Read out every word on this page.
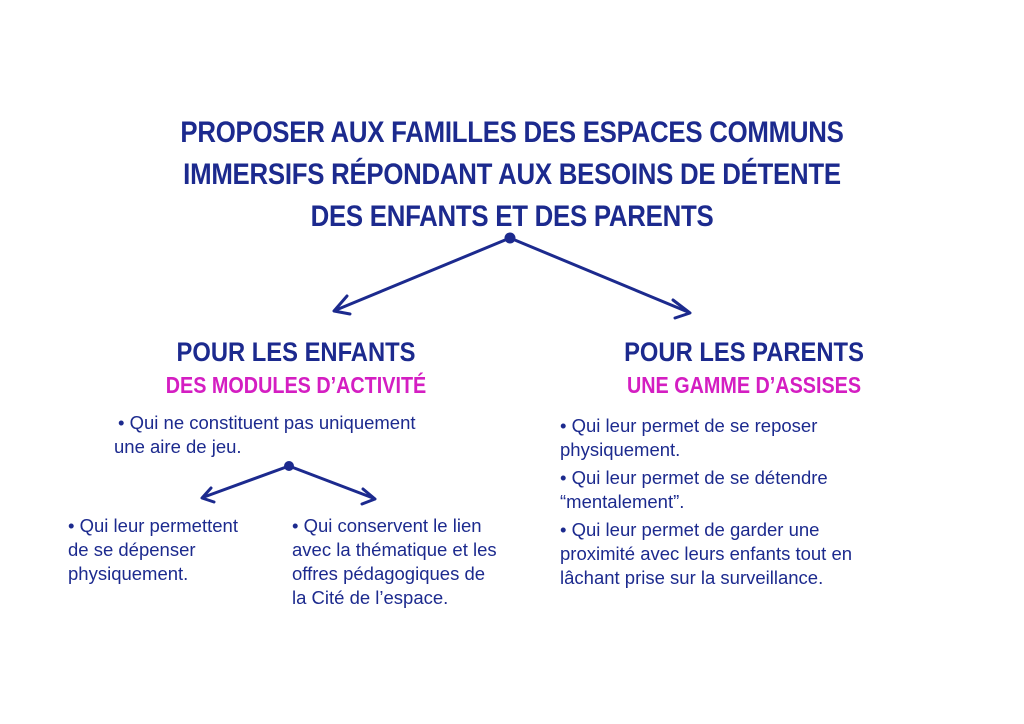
PROPOSER AUX FAMILLES DES ESPACES COMMUNS
IMMERSIFS RÉPONDANT AUX BESOINS DE DÉTENTE
DES ENFANTS ET DES PARENTS
POUR LES ENFANTS
DES MODULES D’ACTIVITÉ
• Qui ne constituent pas uniquement
une aire de jeu.
• Qui leur permettent
de se dépenser
physiquement.
• Qui conservent le lien
avec la thématique et les
offres pédagogiques de
la Cité de l’espace.
POUR LES PARENTS
UNE GAMME D’ASSISES
• Qui leur permet de se reposer
physiquement.
• Qui leur permet de se détendre
“mentalement”.
• Qui leur permet de garder une
proximité avec leurs enfants tout en
lâchant prise sur la surveillance.
